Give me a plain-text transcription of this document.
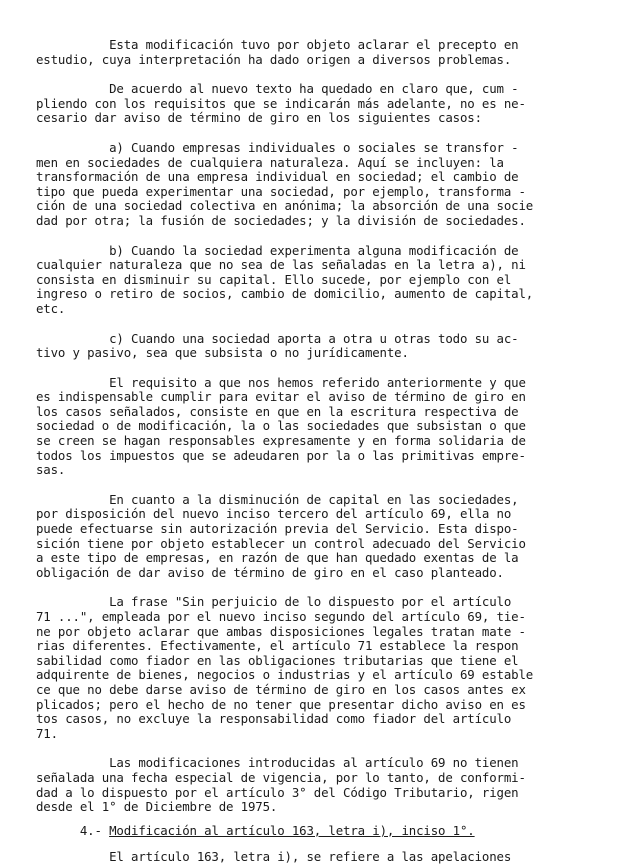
Esta modificación tuvo por objeto aclarar el precepto en
estudio, cuya interpretación ha dado origen a diversos problemas.
De acuerdo al nuevo texto ha quedado en claro que, cum -
pliendo con los requisitos que se indicarán más adelante, no es ne-
cesario dar aviso de término de giro en los siguientes casos:
a) Cuando empresas individuales o sociales se transfor -
men en sociedades de cualquiera naturaleza. Aquí se incluyen: la
transformación de una empresa individual en sociedad; el cambio de
tipo que pueda experimentar una sociedad, por ejemplo, transforma -
ción de una sociedad colectiva en anónima; la absorción de una socie
dad por otra; la fusión de sociedades; y la división de sociedades.
b) Cuando la sociedad experimenta alguna modificación de
cualquier naturaleza que no sea de las señaladas en la letra a), ni
consista en disminuir su capital. Ello sucede, por ejemplo con el
ingreso o retiro de socios, cambio de domicilio, aumento de capital,
etc.
c) Cuando una sociedad aporta a otra u otras todo su ac-
tivo y pasivo, sea que subsista o no jurídicamente.
El requisito a que nos hemos referido anteriormente y que
es indispensable cumplir para evitar el aviso de término de giro en
los casos señalados, consiste en que en la escritura respectiva de
sociedad o de modificación, la o las sociedades que subsistan o que
se creen se hagan responsables expresamente y en forma solidaria de
todos los impuestos que se adeudaren por la o las primitivas empre-
sas.
En cuanto a la disminución de capital en las sociedades,
por disposición del nuevo inciso tercero del artículo 69, ella no
puede efectuarse sin autorización previa del Servicio. Esta dispo-
sición tiene por objeto establecer un control adecuado del Servicio
a este tipo de empresas, en razón de que han quedado exentas de la
obligación de dar aviso de término de giro en el caso planteado.
La frase "Sin perjuicio de lo dispuesto por el artículo
71 ...", empleada por el nuevo inciso segundo del artículo 69, tie-
ne por objeto aclarar que ambas disposiciones legales tratan mate -
rias diferentes. Efectivamente, el artículo 71 establece la respon
sabilidad como fiador en las obligaciones tributarias que tiene el
adquirente de bienes, negocios o industrias y el artículo 69 estable
ce que no debe darse aviso de término de giro en los casos antes ex
plicados; pero el hecho de no tener que presentar dicho aviso en es
tos casos, no excluye la responsabilidad como fiador del artículo
71.
Las modificaciones introducidas al artículo 69 no tienen
señalada una fecha especial de vigencia, por lo tanto, de conformi-
dad a lo dispuesto por el artículo 3° del Código Tributario, rigen
desde el 1° de Diciembre de 1975.
4.- Modificación al artículo 163, letra i), inciso 1°.
El artículo 163, letra i), se refiere a las apelaciones
